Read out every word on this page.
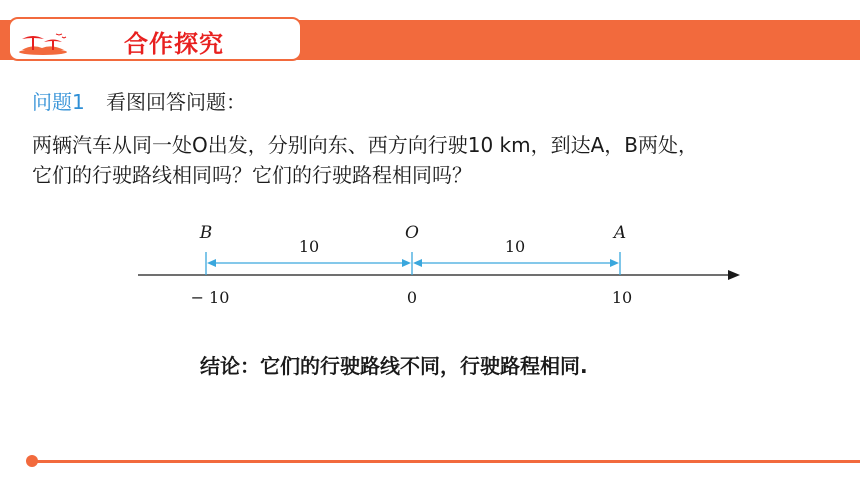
合作探究
问题1 看图回答问题：
两辆汽车从同一处O出发，分别向东、西方向行驶10 km，到达A，B两处，
它们的行驶路线相同吗？它们的行驶路程相同吗？
B	O	A
10	10
− 10	0	10
结论：它们的行驶路线不同，行驶路程相同.
